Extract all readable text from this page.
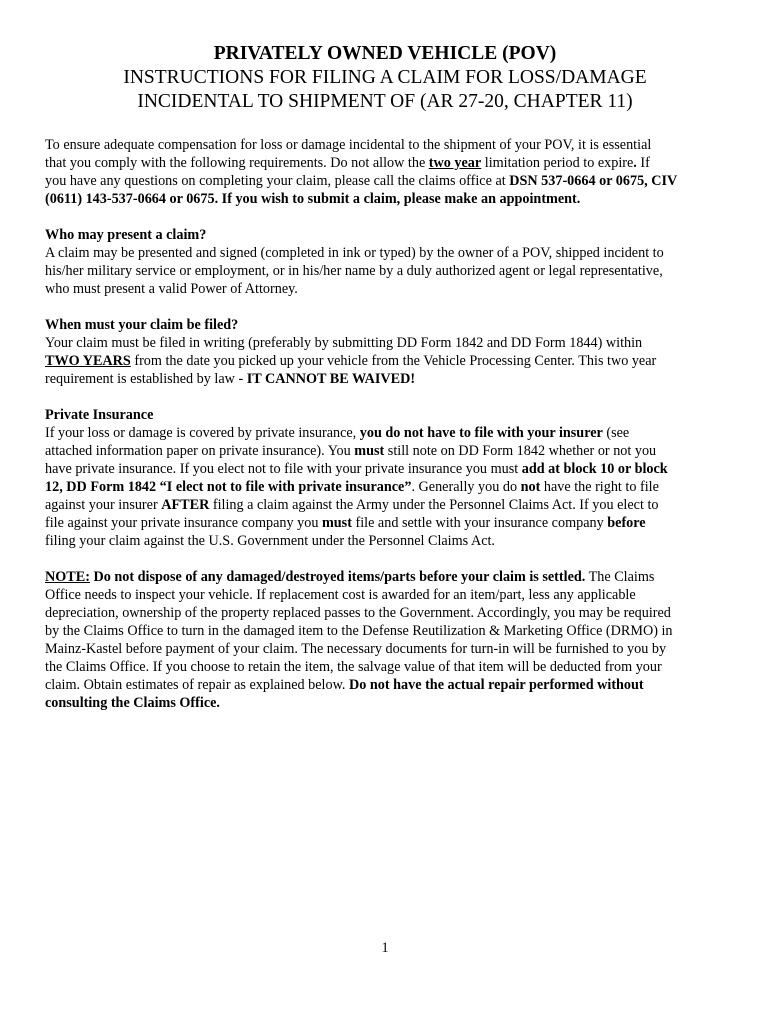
PRIVATELY OWNED VEHICLE (POV)
INSTRUCTIONS FOR FILING A CLAIM FOR LOSS/DAMAGE
INCIDENTAL TO SHIPMENT OF (AR 27-20, CHAPTER 11)
To ensure adequate compensation for loss or damage incidental to the shipment of your POV, it is essential
that you comply with the following requirements. Do not allow the two year limitation period to expire. If
you have any questions on completing your claim, please call the claims office at DSN 537-0664 or 0675, CIV
(0611) 143-537-0664 or 0675. If you wish to submit a claim, please make an appointment.
Who may present a claim?
A claim may be presented and signed (completed in ink or typed) by the owner of a POV, shipped incident to
his/her military service or employment, or in his/her name by a duly authorized agent or legal representative,
who must present a valid Power of Attorney.
When must your claim be filed?
Your claim must be filed in writing (preferably by submitting DD Form 1842 and DD Form 1844) within
TWO YEARS from the date you picked up your vehicle from the Vehicle Processing Center. This two year
requirement is established by law - IT CANNOT BE WAIVED!
Private Insurance
If your loss or damage is covered by private insurance, you do not have to file with your insurer (see
attached information paper on private insurance). You must still note on DD Form 1842 whether or not you
have private insurance. If you elect not to file with your private insurance you must add at block 10 or block
12, DD Form 1842 “I elect not to file with private insurance”. Generally you do not have the right to file
against your insurer AFTER filing a claim against the Army under the Personnel Claims Act. If you elect to
file against your private insurance company you must file and settle with your insurance company before
filing your claim against the U.S. Government under the Personnel Claims Act.
NOTE: Do not dispose of any damaged/destroyed items/parts before your claim is settled. The Claims
Office needs to inspect your vehicle. If replacement cost is awarded for an item/part, less any applicable
depreciation, ownership of the property replaced passes to the Government. Accordingly, you may be required
by the Claims Office to turn in the damaged item to the Defense Reutilization & Marketing Office (DRMO) in
Mainz-Kastel before payment of your claim. The necessary documents for turn-in will be furnished to you by
the Claims Office. If you choose to retain the item, the salvage value of that item will be deducted from your
claim. Obtain estimates of repair as explained below. Do not have the actual repair performed without
consulting the Claims Office.
1
